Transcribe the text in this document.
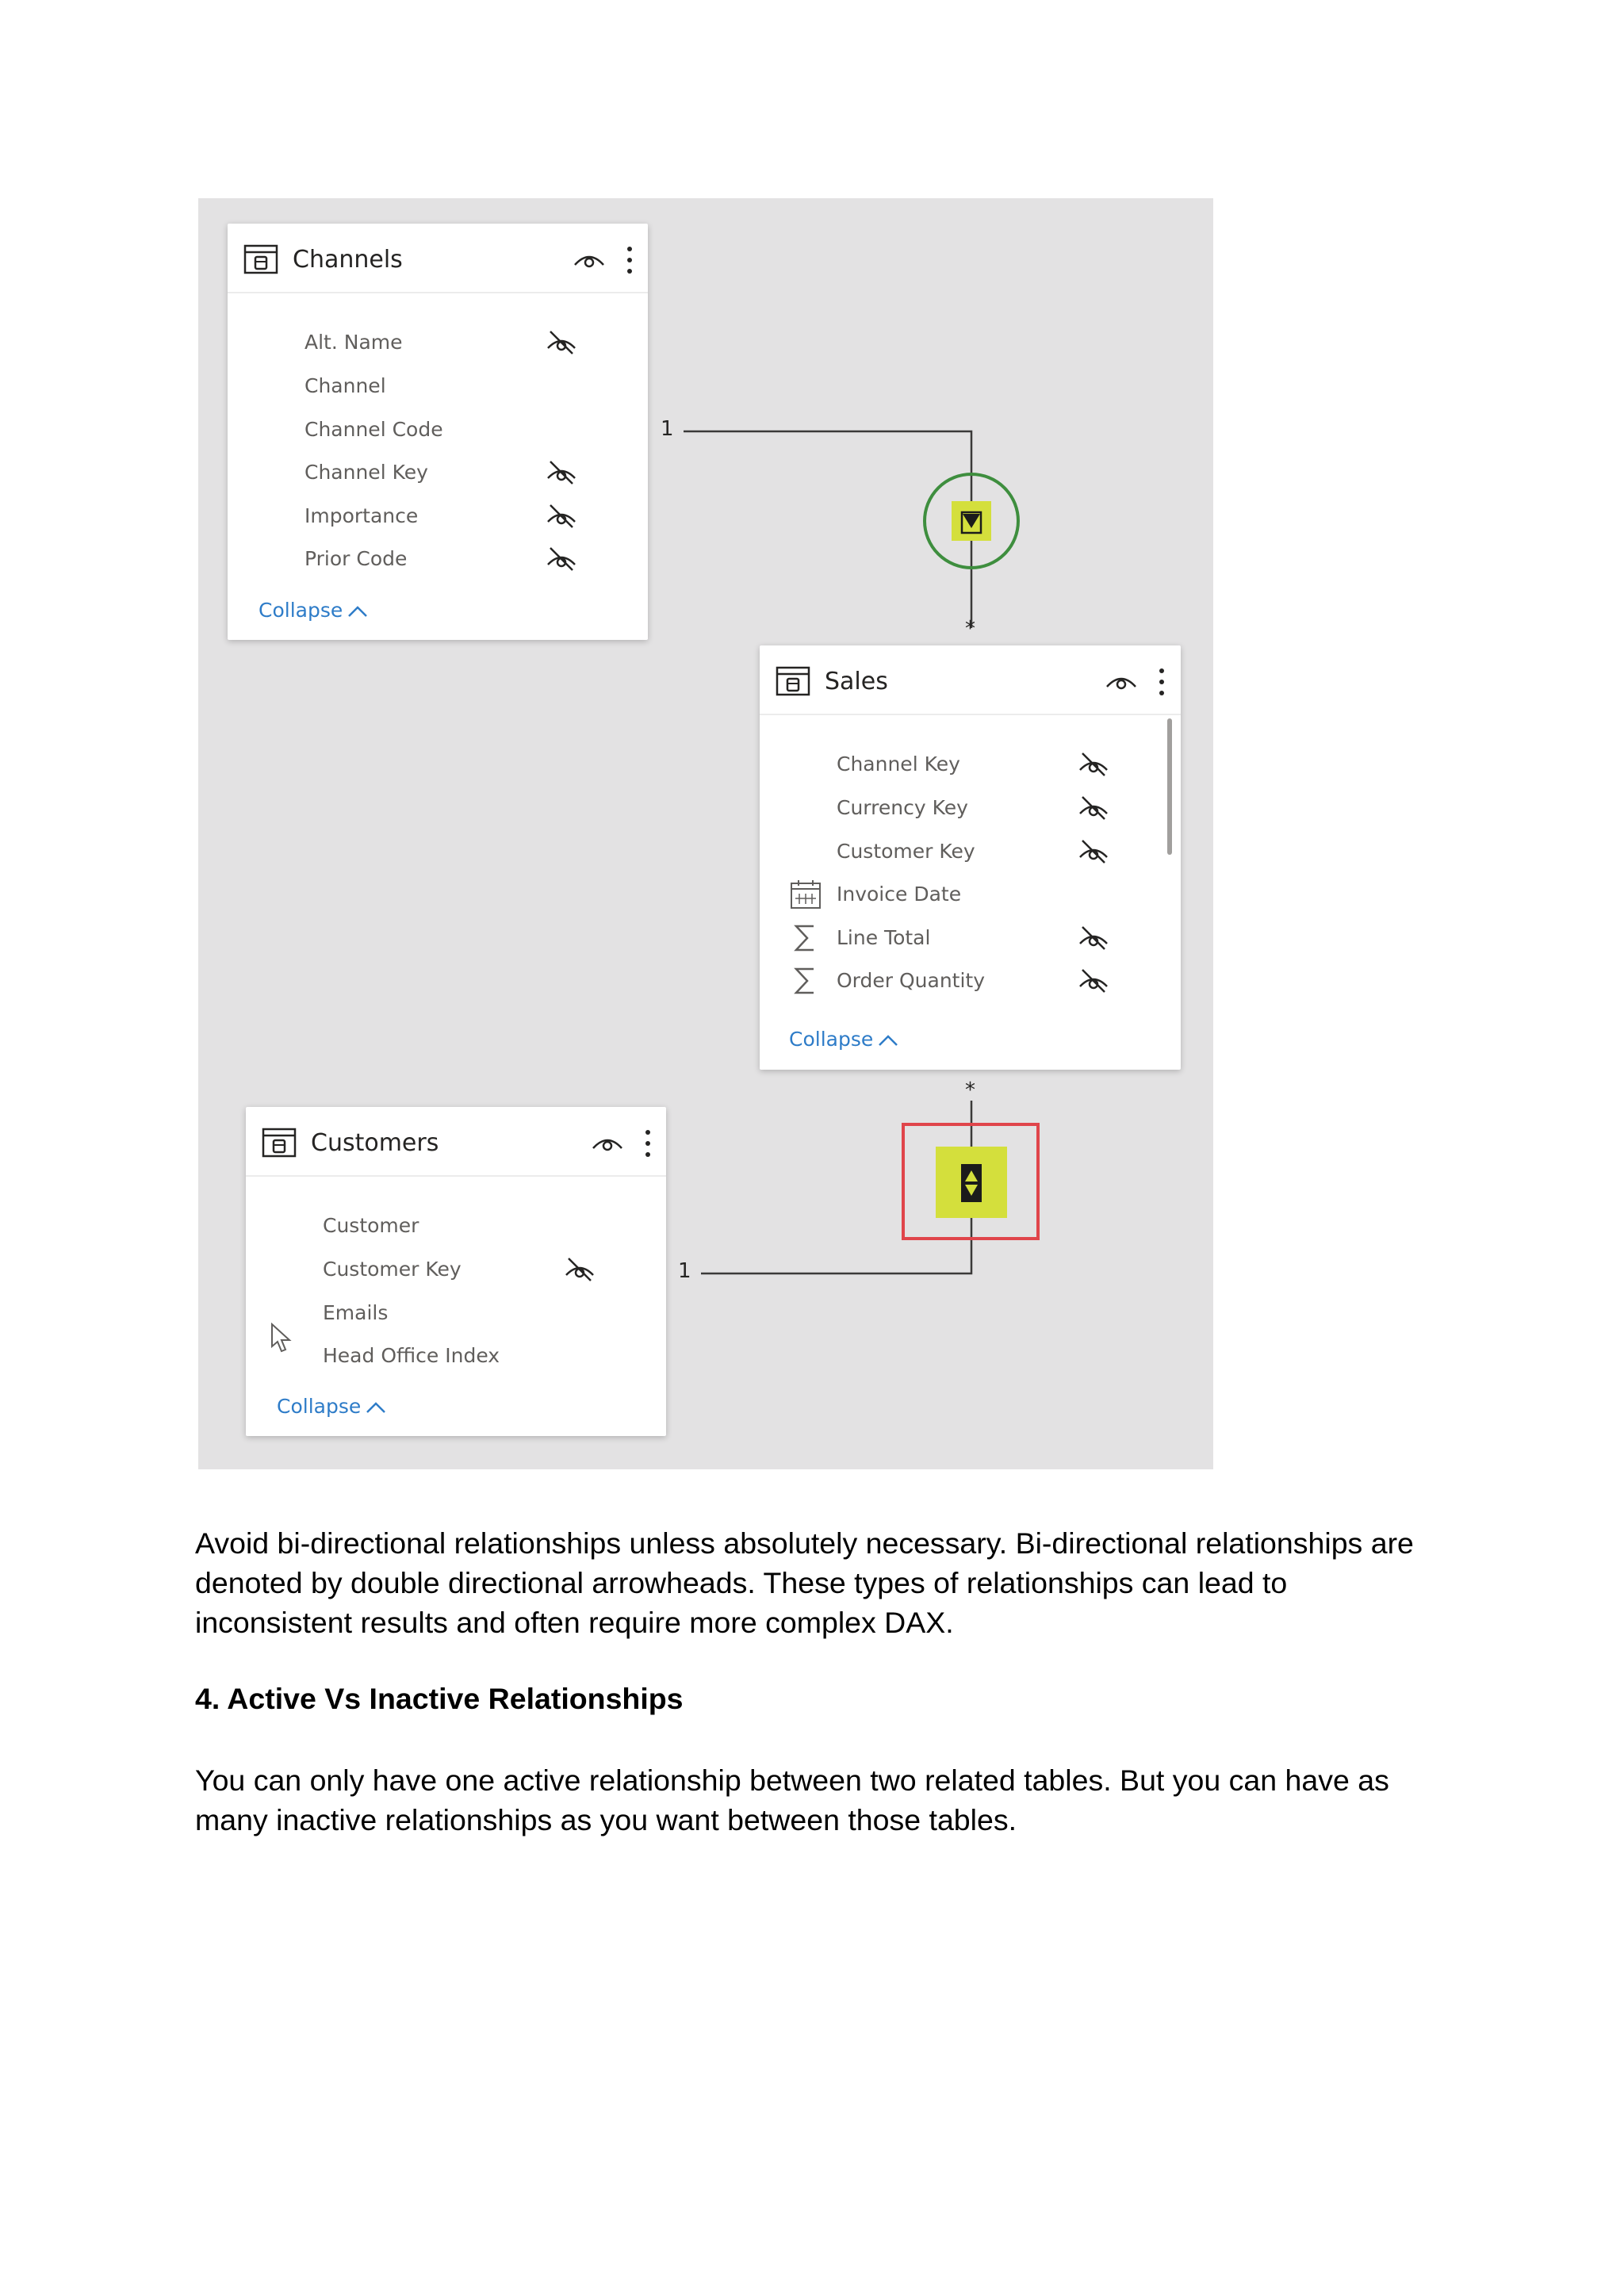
1
*
*
1
Channels
Alt. Name
Channel
Channel Code
Channel Key
Importance
Prior Code
Collapse
Sales
Channel Key
Currency Key
Customer Key
Invoice Date
Line Total
Order Quantity
Collapse
Customers
Customer
Customer Key
Emails
Head Office Index
Collapse

Avoid bi-directional relationships unless absolutely necessary. Bi-directional relationships are denoted by double directional arrowheads. These types of relationships can lead to inconsistent results and often require more complex DAX.

4. Active Vs Inactive Relationships

You can only have one active relationship between two related tables. But you can have as many inactive relationships as you want between those tables.
